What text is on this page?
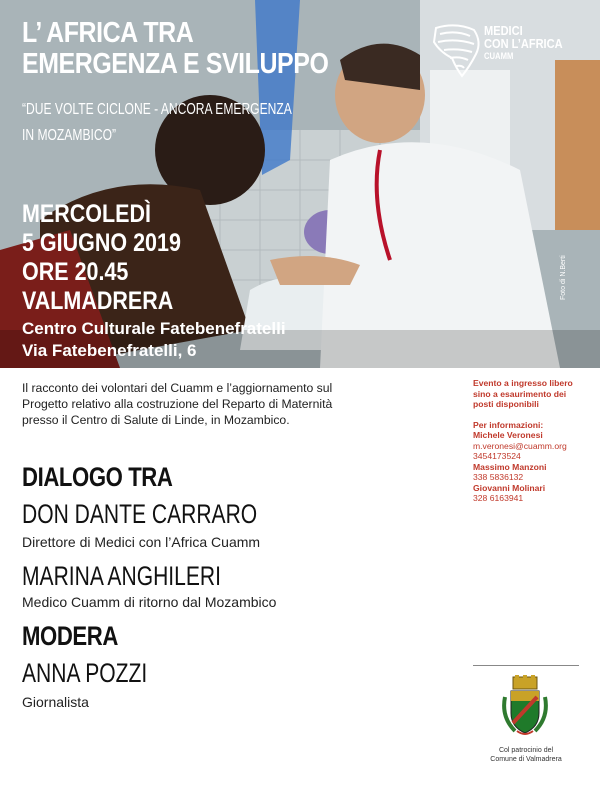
L’ AFRICA TRA
EMERGENZA E SVILUPPO
“DUE VOLTE CICLONE - ANCORA EMERGENZA
IN MOZAMBICO”
MERCOLEDÌ
5 GIUGNO 2019
ORE 20.45
VALMADRERA
Centro Culturale Fatebenefratelli
Via Fatebenefratelli, 6
MEDICI
CON L’AFRICA
CUAMM
Foto di N.Berti
Il racconto dei volontari del Cuamm e l’aggiornamento sul Progetto relativo alla costruzione del Reparto di Maternità presso il Centro di Salute di Linde, in Mozambico.
DIALOGO TRA
DON DANTE CARRARO
Direttore di Medici con l’Africa Cuamm
MARINA ANGHILERI
Medico Cuamm di ritorno dal Mozambico
MODERA
ANNA POZZI
Giornalista
Evento a ingresso libero
sino a esaurimento dei
posti disponibili
Per informazioni:
Michele Veronesi
m.veronesi@cuamm.org
3454173524
Massimo Manzoni
338 5836132
Giovanni Molinari
328 6163941
Col patrocinio del
Comune di Valmadrera
